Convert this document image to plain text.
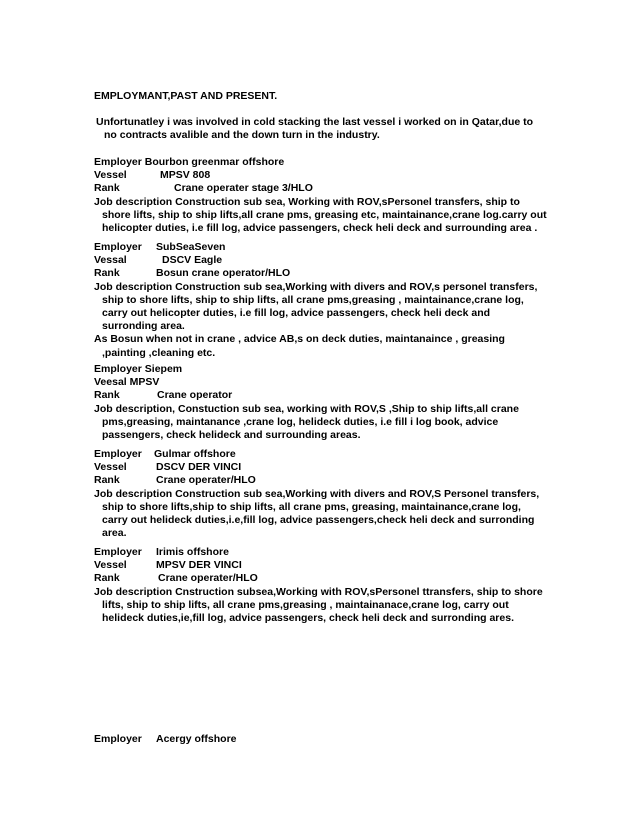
EMPLOYMANT,PAST AND PRESENT.
Unfortunatley i was involved in cold stacking the last vessel i worked on in Qatar,due to
no contracts avalible and the down turn in the industry.
Employer Bourbon greenmar offshore
Vessel	MPSV 808
Rank	Crane operater stage 3/HLO
Job description Construction sub sea, Working with ROV,sPersonel transfers, ship to
shore lifts, ship to ship lifts,all crane pms, greasing etc, maintainance,crane log.carry out
helicopter duties, i.e fill log, advice passengers, check heli deck and surrounding area .
Employer SubSeaSeven
Vessal	DSCV Eagle
Rank	Bosun crane operator/HLO
Job description Construction sub sea,Working with divers and ROV,s personel transfers,
ship to shore lifts, ship to ship lifts, all crane pms,greasing , maintainance,crane log,
carry out helicopter duties, i.e fill log, advice passengers, check heli deck and
surronding area.
As Bosun when not in crane , advice AB,s on deck duties, maintanaince , greasing
,painting ,cleaning etc.
Employer Siepem
Veesal MPSV
Rank	Crane operator
Job description, Constuction sub sea, working with ROV,S ,Ship to ship lifts,all crane
pms,greasing, maintanance ,crane log, helideck duties, i.e fill i log book, advice
passengers, check helideck and surrounding areas.
Employer Gulmar offshore
Vessel	DSCV DER VINCI
Rank	Crane operater/HLO
Job description Construction sub sea,Working with divers and ROV,S Personel transfers,
ship to shore lifts,ship to ship lifts, all crane pms, greasing, maintainance,crane log,
carry out helideck duties,i.e,fill log, advice passengers,check heli deck and surronding
area.
Employer Irimis offshore
Vessel	MPSV DER VINCI
Rank	Crane operater/HLO
Job description Cnstruction subsea,Working with ROV,sPersonel ttransfers, ship to shore
lifts, ship to ship lifts, all crane pms,greasing , maintainanace,crane log, carry out
helideck duties,ie,fill log, advice passengers, check heli deck and surronding ares.
Employer Acergy offshore
